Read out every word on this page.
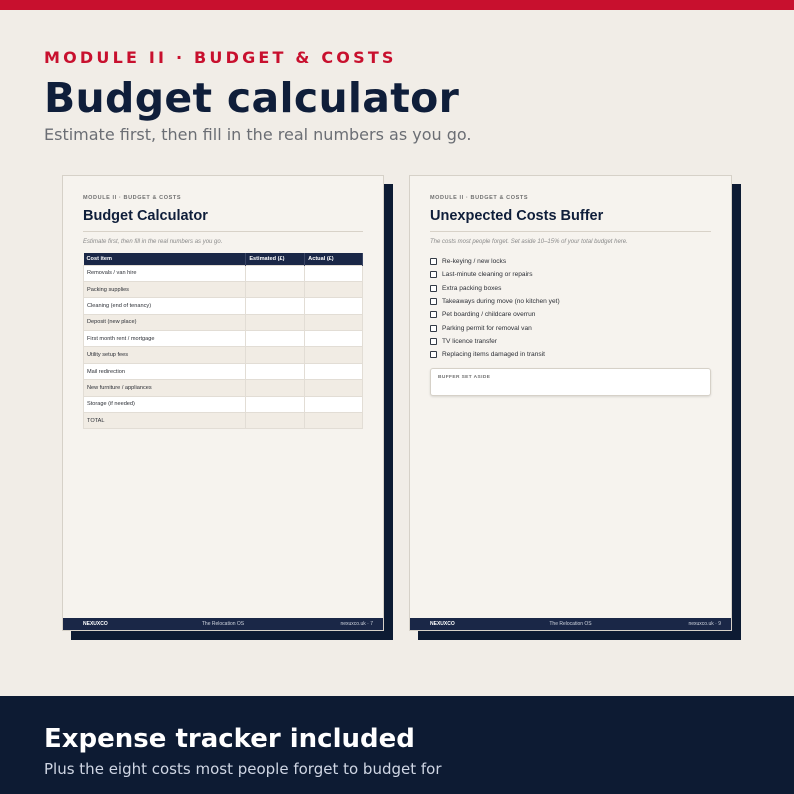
MODULE II · BUDGET & COSTS
Budget calculator
Estimate first, then fill in the real numbers as you go.
MODULE II · BUDGET & COSTS
Budget Calculator
Estimate first, then fill in the real numbers as you go.
Cost item	Estimated (£)	Actual (£)
Removals / van hire		
Packing supplies		
Cleaning (end of tenancy)		
Deposit (new place)		
First month rent / mortgage		
Utility setup fees		
Mail redirection		
New furniture / appliances		
Storage (if needed)		
TOTAL		
NEXUXCO	The Relocation OS	nexuxco.uk · 7
MODULE II · BUDGET & COSTS
Unexpected Costs Buffer
The costs most people forget. Set aside 10–15% of your total budget here.
Re-keying / new locks
Last-minute cleaning or repairs
Extra packing boxes
Takeaways during move (no kitchen yet)
Pet boarding / childcare overrun
Parking permit for removal van
TV licence transfer
Replacing items damaged in transit
BUFFER SET ASIDE
NEXUXCO	The Relocation OS	nexuxco.uk · 9
Expense tracker included
Plus the eight costs most people forget to budget for
